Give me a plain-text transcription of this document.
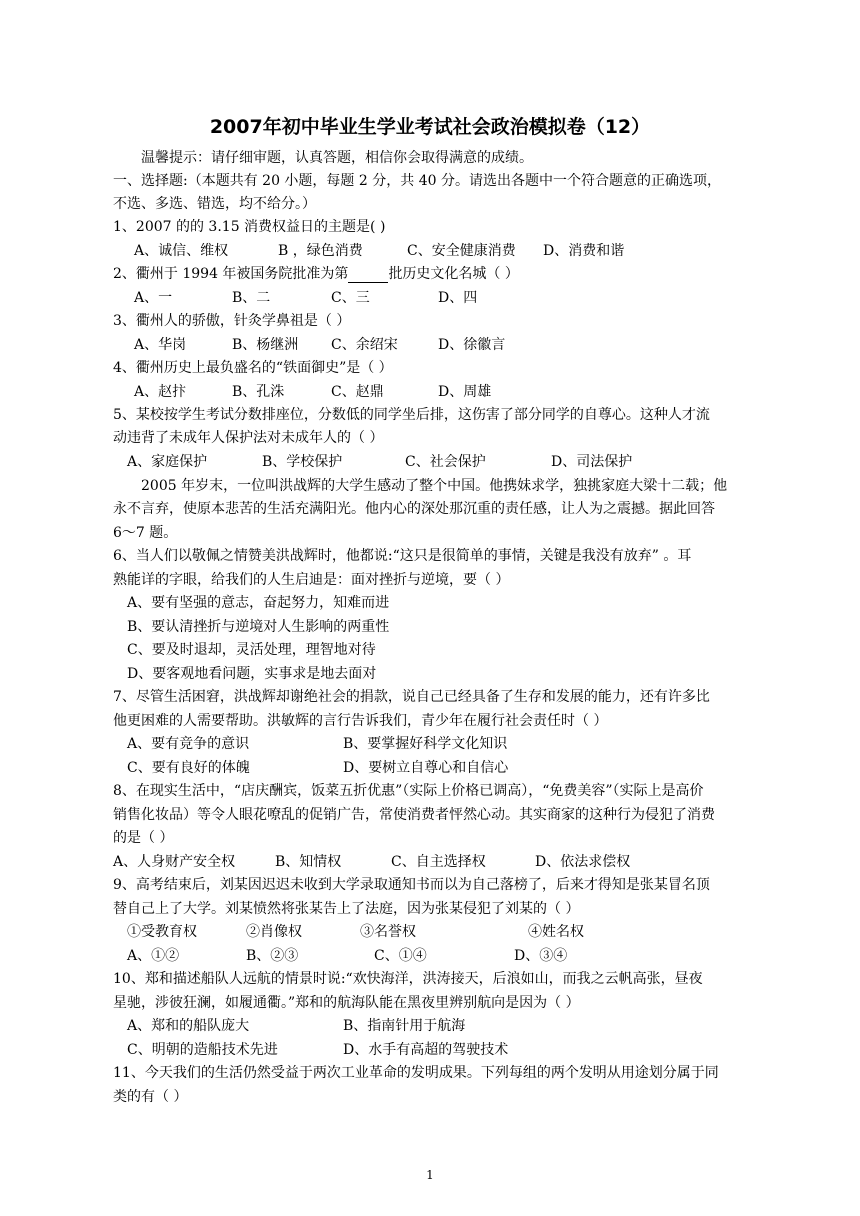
2007年初中毕业生学业考试社会政治模拟卷（12）
温馨提示：请仔细审题，认真答题，相信你会取得满意的成绩。
一、选择题:（本题共有 20 小题，每题 2 分，共 40 分。请选出各题中一个符合题意的正确选项，
不选、多选、错选，均不给分。）
1、2007 的的 3.15 消费权益日的主题是( )
A、诚信、维权	B ，绿色消费	C、安全健康消费 D、消费和谐
2、衢州于 1994 年被国务院批准为第	批历史文化名城（ ）
A、一	B、二	C、三	D、四
3、衢州人的骄傲，针灸学鼻祖是（ ）
A、华岗	B、杨继洲 C、余绍宋	D、徐徽言
4、衢州历史上最负盛名的“铁面御史”是（ ）
A、赵抃	B、孔洙	C、赵鼎	D、周雄
5、某校按学生考试分数排座位，分数低的同学坐后排，这伤害了部分同学的自尊心。这种人才流
动违背了未成年人保护法对未成年人的（ ）
A、家庭保护	B、学校保护	C、社会保护	D、司法保护
2005 年岁末，一位叫洪战辉的大学生感动了整个中国。他携妹求学，独挑家庭大梁十二载；他
永不言弃，使原本悲苦的生活充满阳光。他内心的深处那沉重的责任感，让人为之震撼。据此回答
6～7 题。
6、当人们以敬佩之情赞美洪战辉时，他都说:“这只是很简单的事情，关键是我没有放弃” 。耳
熟能详的字眼，给我们的人生启迪是：面对挫折与逆境，要（ ）
A、要有坚强的意志，奋起努力，知难而进
B、要认清挫折与逆境对人生影响的两重性
C、要及时退却，灵活处理，理智地对待
D、要客观地看问题，实事求是地去面对
7、尽管生活困窘，洪战辉却谢绝社会的捐款，说自己已经具备了生存和发展的能力，还有许多比
他更困难的人需要帮助。洪敏辉的言行告诉我们，青少年在履行社会责任时（ ）
A、要有竞争的意识	B、要掌握好科学文化知识
C、要有良好的体魄	D、要树立自尊心和自信心
8、在现实生活中，“店庆酬宾，饭菜五折优惠”（实际上价格已调高），“免费美容”（实际上是高价
销售化妆品）等令人眼花嘹乱的促销广告，常使消费者怦然心动。其实商家的这种行为侵犯了消费
的是（ ）
A、人身财产安全权	B、知情权	C、自主选择权	D、依法求偿权
9、高考结束后，刘某因迟迟未收到大学录取通知书而以为自己落榜了，后来才得知是张某冒名顶
替自己上了大学。刘某愤然将张某告上了法庭，因为张某侵犯了刘某的（ ）
①受教育权	②肖像权	③名誉权	④姓名权
A、①②	B、②③	C、①④	D、③④
10、郑和描述船队人远航的情景时说:“欢快海洋，洪涛接天，后浪如山，而我之云帆高张，昼夜
星驰，涉彼狂澜，如履通衢。”郑和的航海队能在黑夜里辨别航向是因为（ ）
A、郑和的船队庞大	B、指南针用于航海
C、明朝的造船技术先进	D、水手有高超的驾驶技术
11、今天我们的生活仍然受益于两次工业革命的发明成果。下列每组的两个发明从用途划分属于同
类的有（ ）
1
